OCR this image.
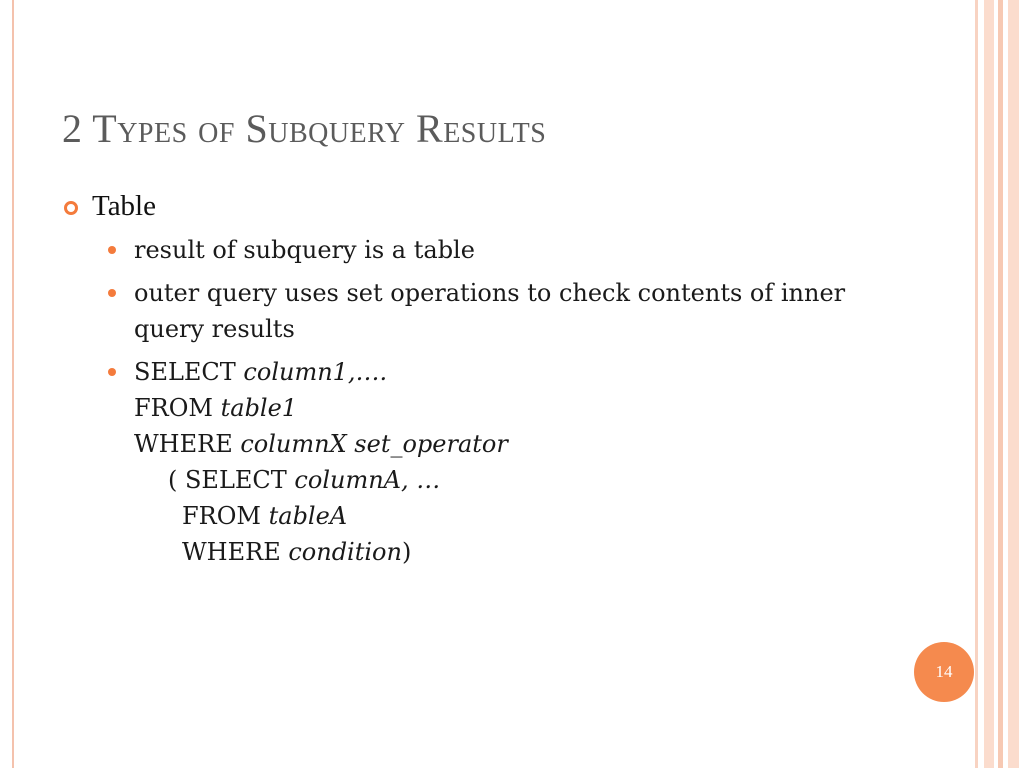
2 Types of Subquery Results
Table
result of subquery is a table
outer query uses set operations to check contents of inner query results
SELECT column1,….
FROM table1
WHERE columnX set_operator
( SELECT columnA, …
FROM tableA
WHERE condition)
14
